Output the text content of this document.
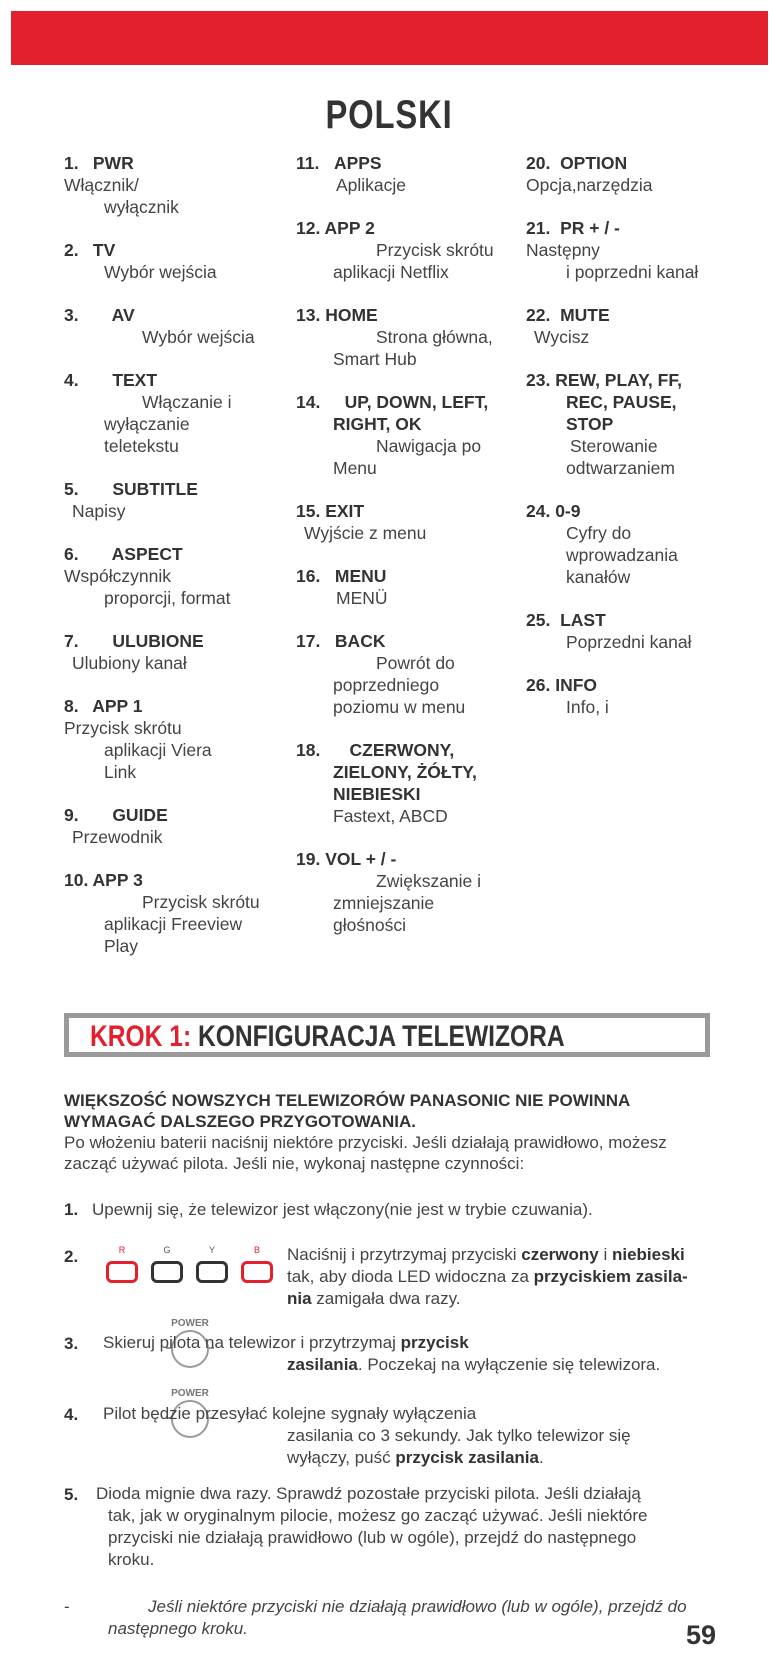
POLSKI
1. PWR
Włącznik/
wyłącznik
2. TV
Wybór wejścia
3. AV
Wybór wejścia
4. TEXT
Włączanie i
wyłączanie
teletekstu
5. SUBTITLE
Napisy
6. ASPECT
Współczynnik
proporcji, format
7. ULUBIONE
Ulubiony kanał
8. APP 1
Przycisk skrótu
aplikacji Viera
Link
9. GUIDE
Przewodnik
10. APP 3
Przycisk skrótu
aplikacji Freeview
Play
11. APPS
Aplikacje
12. APP 2
Przycisk skrótu
aplikacji Netflix
13. HOME
Strona główna,
Smart Hub
14. UP, DOWN, LEFT,
RIGHT, OK
Nawigacja po
Menu
15. EXIT
Wyjście z menu
16. MENU
MENÜ
17. BACK
Powrót do
poprzedniego
poziomu w menu
18. CZERWONY,
ZIELONY, ŻÓŁTY,
NIEBIESKI
Fastext, ABCD
19. VOL + / -
Zwiększanie i
zmniejszanie
głośności
20. OPTION
Opcja,narzędzia
21. PR + / -
Następny
i poprzedni kanał
22. MUTE
Wycisz
23. REW, PLAY, FF,
REC, PAUSE,
STOP
Sterowanie
odtwarzaniem
24. 0-9
Cyfry do
wprowadzania
kanałów
25. LAST
Poprzedni kanał
26. INFO
Info, i
KROK 1: KONFIGURACJA TELEWIZORA
WIĘKSZOŚĆ NOWSZYCH TELEWIZORÓW PANASONIC NIE POWINNA
WYMAGAĆ DALSZEGO PRZYGOTOWANIA.
Po włożeniu baterii naciśnij niektóre przyciski. Jeśli działają prawidłowo, możesz
zacząć używać pilota. Jeśli nie, wykonaj następne czynności:
1. Upewnij się, że telewizor jest włączony(nie jest w trybie czuwania).
2.	R	G	Y	B	Naciśnij i przytrzymaj przyciski czerwony i niebieski
tak, aby dioda LED widoczna za przyciskiem zasila-
nia zamigała dwa razy.
3.
POWER
Skieruj pilota na telewizor i przytrzymaj przycisk
zasilania. Poczekaj na wyłączenie się telewizora.
4.
POWER
Pilot będzie przesyłać kolejne sygnały wyłączenia
zasilania co 3 sekundy. Jak tylko telewizor się
wyłączy, puść przycisk zasilania.
5. Dioda mignie dwa razy. Sprawdź pozostałe przyciski pilota. Jeśli działają
tak, jak w oryginalnym pilocie, możesz go zacząć używać. Jeśli niektóre
przyciski nie działają prawidłowo (lub w ogóle), przejdź do następnego
kroku.
-	Jeśli niektóre przyciski nie działają prawidłowo (lub w ogóle), przejdź do
następnego kroku.	59
